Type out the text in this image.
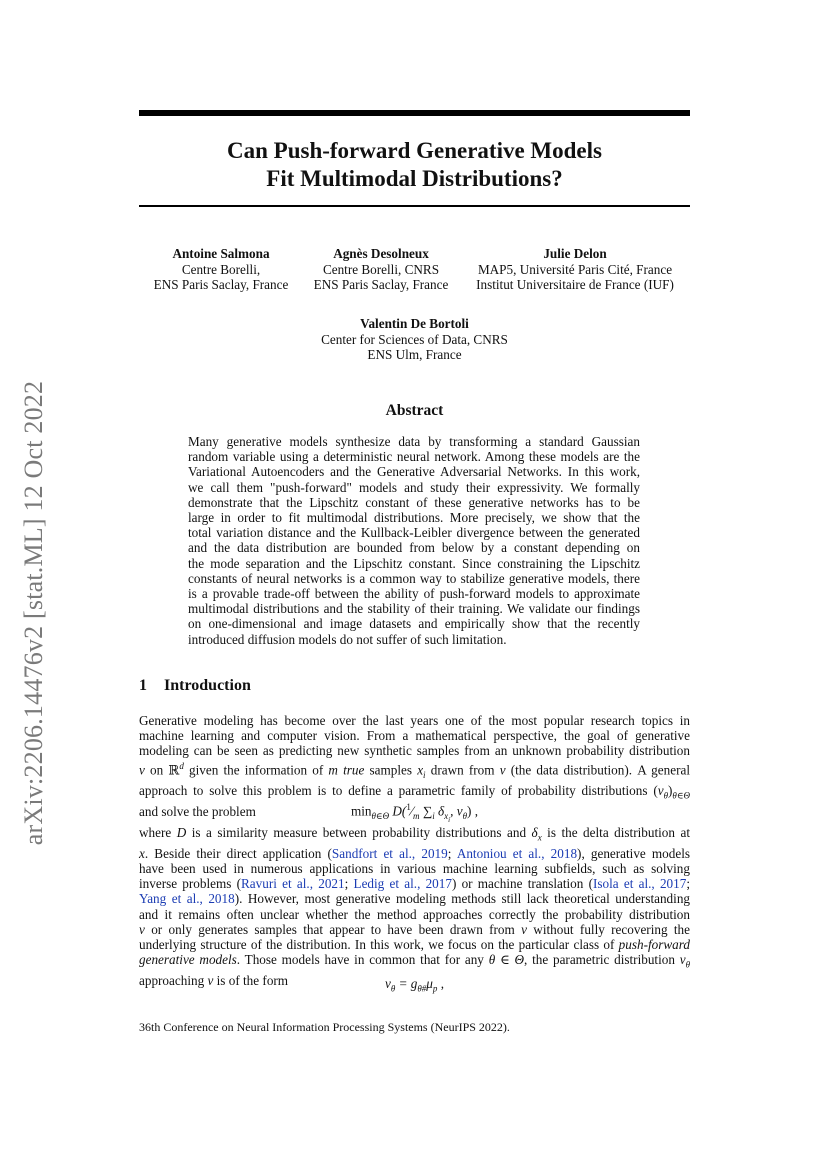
arXiv:2206.14476v2 [stat.ML] 12 Oct 2022
Can Push-forward Generative Models
Fit Multimodal Distributions?
Antoine Salmona
Centre Borelli,
ENS Paris Saclay, France
Agnès Desolneux
Centre Borelli, CNRS
ENS Paris Saclay, France
Julie Delon
MAP5, Université Paris Cité, France
Institut Universitaire de France (IUF)
Valentin De Bortoli
Center for Sciences of Data, CNRS
ENS Ulm, France
Abstract
Many generative models synthesize data by transforming a standard Gaussian
random variable using a deterministic neural network. Among these models are the
Variational Autoencoders and the Generative Adversarial Networks. In this work,
we call them "push-forward" models and study their expressivity. We formally
demonstrate that the Lipschitz constant of these generative networks has to be
large in order to fit multimodal distributions. More precisely, we show that the
total variation distance and the Kullback-Leibler divergence between the generated
and the data distribution are bounded from below by a constant depending on
the mode separation and the Lipschitz constant. Since constraining the Lipschitz
constants of neural networks is a common way to stabilize generative models, there
is a provable trade-off between the ability of push-forward models to approximate
multimodal distributions and the stability of their training. We validate our findings
on one-dimensional and image datasets and empirically show that the recently
introduced diffusion models do not suffer of such limitation.
1 Introduction
Generative modeling has become over the last years one of the most popular research topics in
machine learning and computer vision. From a mathematical perspective, the goal of generative
modeling can be seen as predicting new synthetic samples from an unknown probability distribution
ν on ℝ$^d$ given the information of m true samples $x_i$ drawn from ν (the data distribution). A general
approach to solve this problem is to define a parametric family of probability distributions $(\nu_\theta)_{\theta\in\Theta}$
and solve the problem	$\min_{\theta\in\Theta}$ $D(^1⁄_m$ $\sum_i$ $\delta_{x_i}$, $\nu_\theta$) ,
where D is a similarity measure between probability distributions and $\delta_x$ is the delta distribution at
x. Beside their direct application (Sandfort et al., 2019; Antoniou et al., 2018), generative models
have been used in numerous applications in various machine learning subfields, such as solving
inverse problems (Ravuri et al., 2021; Ledig et al., 2017) or machine translation (Isola et al., 2017;
Yang et al., 2018). However, most generative modeling methods still lack theoretical understanding
and it remains often unclear whether the method approaches correctly the probability distribution
ν or only generates samples that appear to have been drawn from ν without fully recovering the
underlying structure of the distribution. In this work, we focus on the particular class of push-forward
generative models. Those models have in common that for any θ ∈ Θ, the parametric distribution $\nu_\theta$
approaching ν is of the form	$\nu_\theta = g_{\theta\#}\mu_p$ ,
36th Conference on Neural Information Processing Systems (NeurIPS 2022).
